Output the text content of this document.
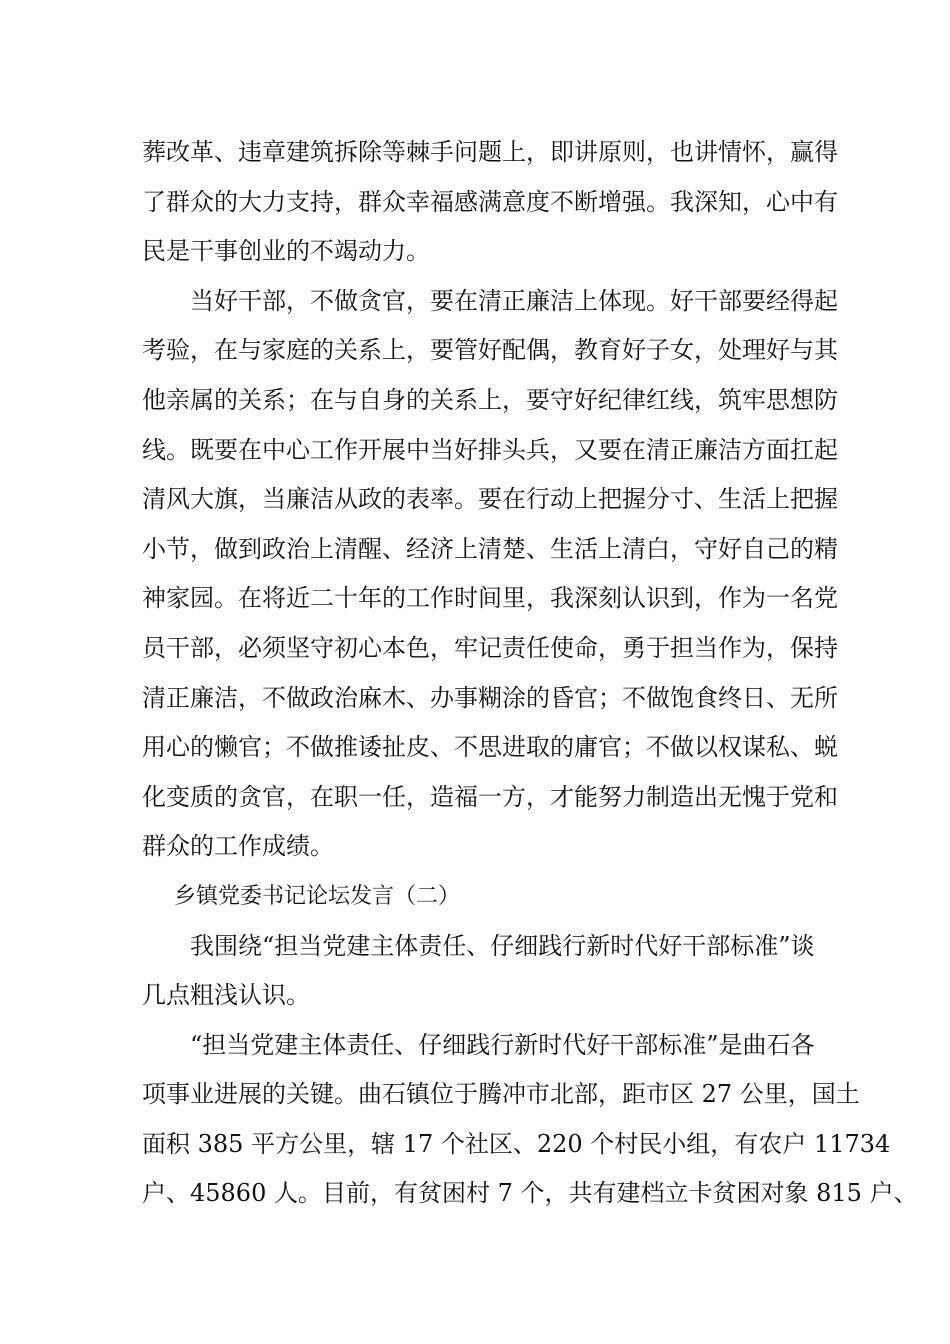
葬改革、违章建筑拆除等棘手问题上，即讲原则，也讲情怀，赢得
了群众的大力支持，群众幸福感满意度不断增强。我深知，心中有
民是干事创业的不竭动力。

当好干部，不做贪官，要在清正廉洁上体现。好干部要经得起
考验，在与家庭的关系上，要管好配偶，教育好子女，处理好与其
他亲属的关系；在与自身的关系上，要守好纪律红线，筑牢思想防
线。既要在中心工作开展中当好排头兵，又要在清正廉洁方面扛起
清风大旗，当廉洁从政的表率。要在行动上把握分寸、生活上把握
小节，做到政治上清醒、经济上清楚、生活上清白，守好自己的精
神家园。在将近二十年的工作时间里，我深刻认识到，作为一名党
员干部，必须坚守初心本色，牢记责任使命，勇于担当作为，保持
清正廉洁，不做政治麻木、办事糊涂的昏官；不做饱食终日、无所
用心的懒官；不做推诿扯皮、不思进取的庸官；不做以权谋私、蜕
化变质的贪官，在职一任，造福一方，才能努力制造出无愧于党和
群众的工作成绩。

乡镇党委书记论坛发言（二）

我围绕“担当党建主体责任、仔细践行新时代好干部标准”谈
几点粗浅认识。

“担当党建主体责任、仔细践行新时代好干部标准”是曲石各
项事业进展的关键。曲石镇位于腾冲市北部，距市区 27 公里，国土
面积 385 平方公里，辖 17 个社区、220 个村民小组，有农户 11734
户、45860 人。目前，有贫困村 7 个，共有建档立卡贫困对象 815 户、
